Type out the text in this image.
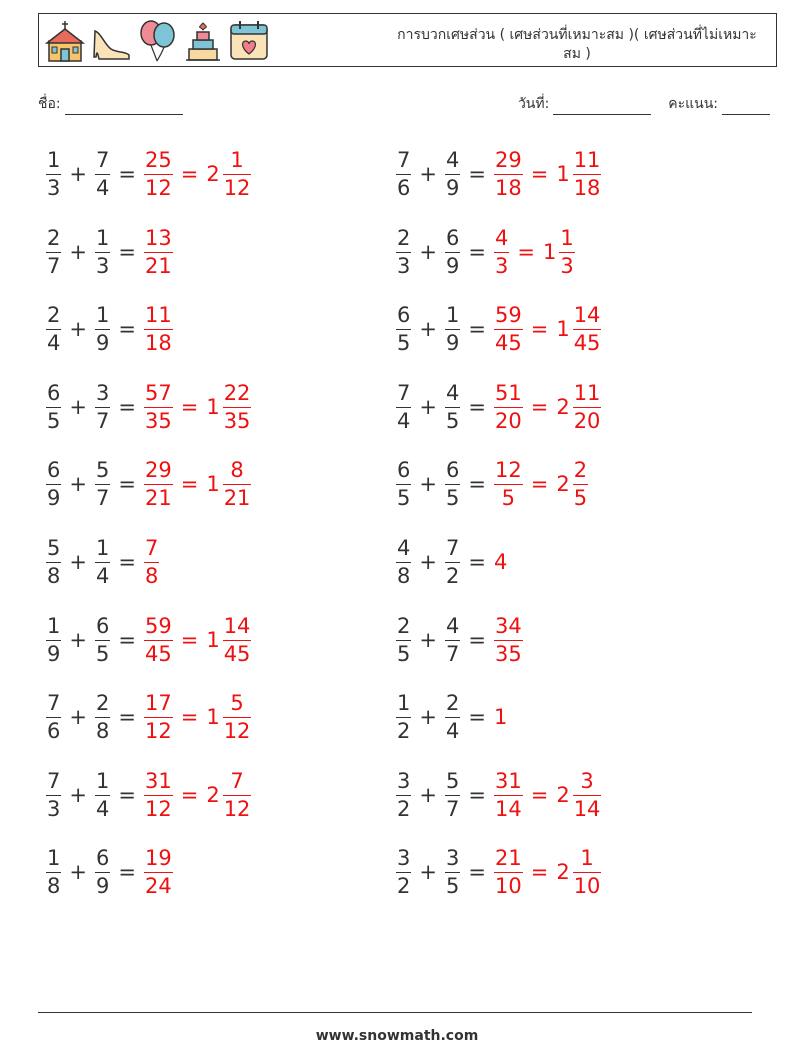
การบวกเศษส่วน ( เศษส่วนที่เหมาะสม )( เศษส่วนที่ไม่เหมาะสม )
ชื่อ:	วันที่:	คะแนน:
$\frac{1}{3} + \frac{7}{4} = \frac{25}{12} = 2 \frac{1}{12}$	$\frac{7}{6} + \frac{4}{9} = \frac{29}{18} = 1 \frac{11}{18}$
$\frac{2}{7} + \frac{1}{3} = \frac{13}{21}$	$\frac{2}{3} + \frac{6}{9} = \frac{4}{3} = 1 \frac{1}{3}$
$\frac{2}{4} + \frac{1}{9} = \frac{11}{18}$	$\frac{6}{5} + \frac{1}{9} = \frac{59}{45} = 1 \frac{14}{45}$
$\frac{6}{5} + \frac{3}{7} = \frac{57}{35} = 1 \frac{22}{35}$	$\frac{7}{4} + \frac{4}{5} = \frac{51}{20} = 2 \frac{11}{20}$
$\frac{6}{9} + \frac{5}{7} = \frac{29}{21} = 1 \frac{8}{21}$	$\frac{6}{5} + \frac{6}{5} = \frac{12}{5} = 2 \frac{2}{5}$
$\frac{5}{8} + \frac{1}{4} = \frac{7}{8}$	$\frac{4}{8} + \frac{7}{2} = 4$
$\frac{1}{9} + \frac{6}{5} = \frac{59}{45} = 1 \frac{14}{45}$	$\frac{2}{5} + \frac{4}{7} = \frac{34}{35}$
$\frac{7}{6} + \frac{2}{8} = \frac{17}{12} = 1 \frac{5}{12}$	$\frac{1}{2} + \frac{2}{4} = 1$
$\frac{7}{3} + \frac{1}{4} = \frac{31}{12} = 2 \frac{7}{12}$	$\frac{3}{2} + \frac{5}{7} = \frac{31}{14} = 2 \frac{3}{14}$
$\frac{1}{8} + \frac{6}{9} = \frac{19}{24}$	$\frac{3}{2} + \frac{3}{5} = \frac{21}{10} = 2 \frac{1}{10}$
www.snowmath.com
